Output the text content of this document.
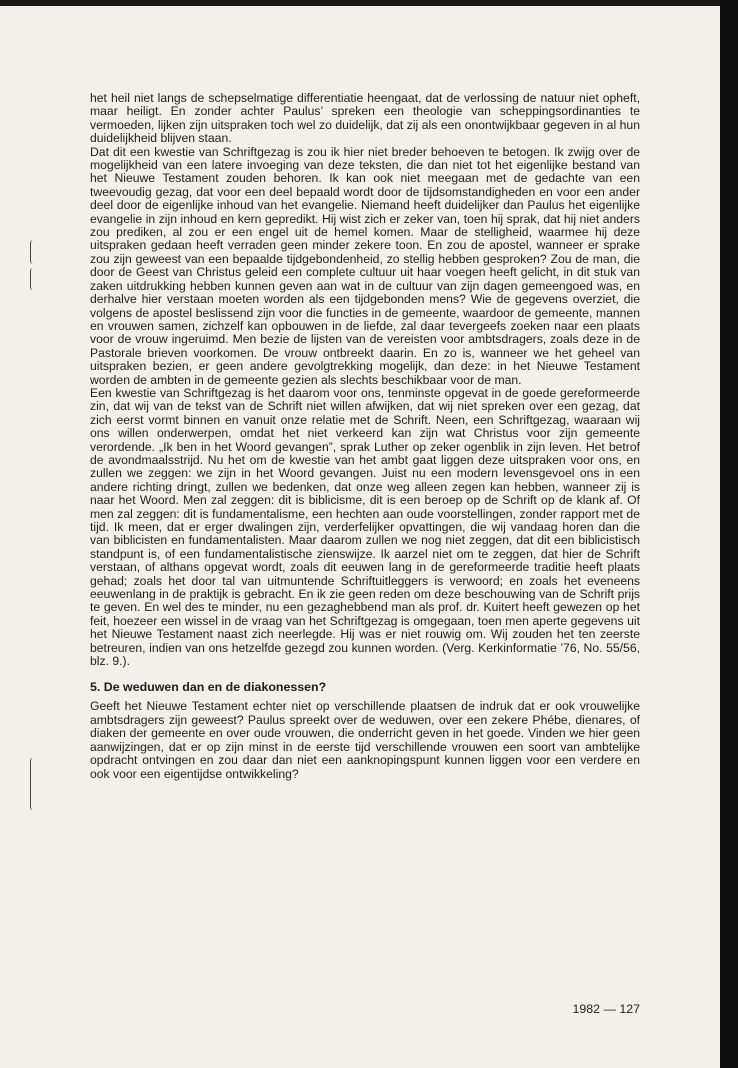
het heil niet langs de schepselmatige differentiatie heengaat, dat de verlossing de natuur niet opheft, maar heiligt. En zonder achter Paulus’ spreken een theologie van scheppingsordinanties te vermoeden, lijken zijn uitspraken toch wel zo duidelijk, dat zij als een onontwijkbaar gegeven in al hun duidelijkheid blijven staan.

Dat dit een kwestie van Schriftgezag is zou ik hier niet breder behoeven te betogen. Ik zwijg over de mogelijkheid van een latere invoeging van deze teksten, die dan niet tot het eigenlijke bestand van het Nieuwe Testament zouden behoren. Ik kan ook niet meegaan met de gedachte van een tweevoudig gezag, dat voor een deel bepaald wordt door de tijdsomstandigheden en voor een ander deel door de eigenlijke inhoud van het evangelie. Niemand heeft duidelijker dan Paulus het eigenlijke evangelie in zijn inhoud en kern gepredikt. Hij wist zich er zeker van, toen hij sprak, dat hij niet anders zou prediken, al zou er een engel uit de hemel komen. Maar de stelligheid, waarmee hij deze uitspraken gedaan heeft verraden geen minder zekere toon. En zou de apostel, wanneer er sprake zou zijn geweest van een bepaalde tijdgebondenheid, zo stellig hebben gesproken? Zou de man, die door de Geest van Christus geleid een complete cultuur uit haar voegen heeft gelicht, in dit stuk van zaken uitdrukking hebben kunnen geven aan wat in de cultuur van zijn dagen gemeengoed was, en derhalve hier verstaan moeten worden als een tijdgebonden mens? Wie de gegevens overziet, die volgens de apostel beslissend zijn voor die functies in de gemeente, waardoor de gemeente, mannen en vrouwen samen, zichzelf kan opbouwen in de liefde, zal daar tevergeefs zoeken naar een plaats voor de vrouw ingeruimd. Men bezie de lijsten van de vereisten voor ambtsdragers, zoals deze in de Pastorale brieven voorkomen. De vrouw ontbreekt daarin. En zo is, wanneer we het geheel van uitspraken bezien, er geen andere gevolgtrekking mogelijk, dan deze: in het Nieuwe Testament worden de ambten in de gemeente gezien als slechts beschikbaar voor de man.

Een kwestie van Schriftgezag is het daarom voor ons, tenminste opgevat in de goede gereformeerde zin, dat wij van de tekst van de Schrift niet willen afwijken, dat wij niet spreken over een gezag, dat zich eerst vormt binnen en vanuit onze relatie met de Schrift. Neen, een Schriftgezag, waaraan wij ons willen onderwerpen, omdat het niet verkeerd kan zijn wat Christus voor zijn gemeente verordende. „Ik ben in het Woord gevangen”, sprak Luther op zeker ogenblik in zijn leven. Het betrof de avondmaalsstrijd. Nu het om de kwestie van het ambt gaat liggen deze uitspraken voor ons, en zullen we zeggen: we zijn in het Woord gevangen. Juist nu een modern levensgevoel ons in een andere richting dringt, zullen we bedenken, dat onze weg alleen zegen kan hebben, wanneer zij is naar het Woord. Men zal zeggen: dit is biblicisme, dit is een beroep op de Schrift op de klank af. Of men zal zeggen: dit is fundamentalisme, een hechten aan oude voorstellingen, zonder rapport met de tijd. Ik meen, dat er erger dwalingen zijn, verderfelijker opvattingen, die wij vandaag horen dan die van biblicisten en fundamentalisten. Maar daarom zullen we nog niet zeggen, dat dit een biblicistisch standpunt is, of een fundamentalistische zienswijze. Ik aarzel niet om te zeggen, dat hier de Schrift verstaan, of althans opgevat wordt, zoals dit eeuwen lang in de gereformeerde traditie heeft plaats gehad; zoals het door tal van uitmuntende Schriftuitleggers is verwoord; en zoals het eveneens eeuwenlang in de praktijk is gebracht. En ik zie geen reden om deze beschouwing van de Schrift prijs te geven. En wel des te minder, nu een gezaghebbend man als prof. dr. Kuitert heeft gewezen op het feit, hoezeer een wissel in de vraag van het Schriftgezag is omgegaan, toen men aperte gegevens uit het Nieuwe Testament naast zich neerlegde. Hij was er niet rouwig om. Wij zouden het ten zeerste betreuren, indien van ons hetzelfde gezegd zou kunnen worden. (Verg. Kerkinformatie ’76, No. 55/56, blz. 9.).

5. De weduwen dan en de diakonessen?

Geeft het Nieuwe Testament echter niet op verschillende plaatsen de indruk dat er ook vrouwelijke ambtsdragers zijn geweest? Paulus spreekt over de weduwen, over een zekere Phébe, dienares, of diaken der gemeente en over oude vrouwen, die onderricht geven in het goede. Vinden we hier geen aanwijzingen, dat er op zijn minst in de eerste tijd verschillende vrouwen een soort van ambtelijke opdracht ontvingen en zou daar dan niet een aanknopingspunt kunnen liggen voor een verdere en ook voor een eigentijdse ontwikkeling?

1982 — 127
